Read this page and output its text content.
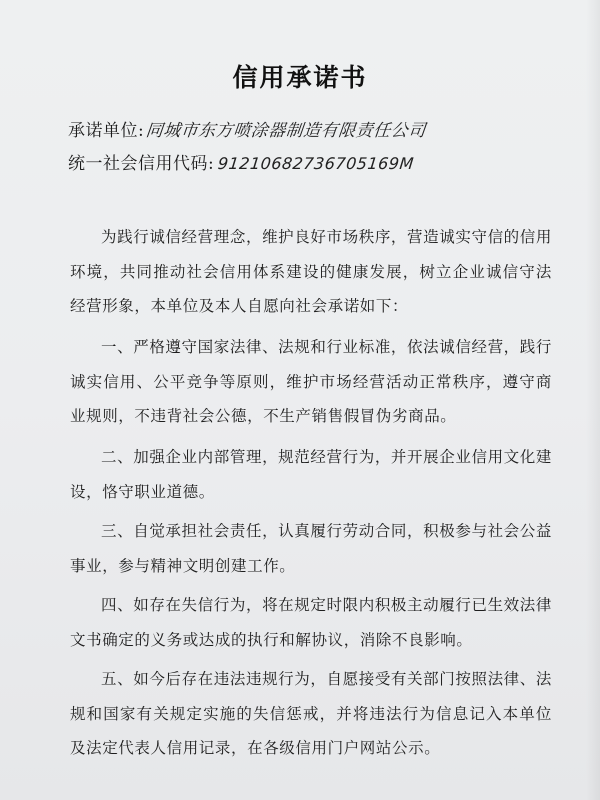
信用承诺书
承诺单位:同城市东方喷涂器制造有限责任公司
统一社会信用代码: 91210682736705169M

为践行诚信经营理念，维护良好市场秩序，营造诚实守信的信用环境，共同推动社会信用体系建设的健康发展，树立企业诚信守法经营形象，本单位及本人自愿向社会承诺如下：

一、严格遵守国家法律、法规和行业标准，依法诚信经营，践行诚实信用、公平竞争等原则，维护市场经营活动正常秩序，遵守商业规则，不违背社会公德，不生产销售假冒伪劣商品。

二、加强企业内部管理，规范经营行为，并开展企业信用文化建设，恪守职业道德。

三、自觉承担社会责任，认真履行劳动合同，积极参与社会公益事业，参与精神文明创建工作。

四、如存在失信行为，将在规定时限内积极主动履行已生效法律文书确定的义务或达成的执行和解协议，消除不良影响。

五、如今后存在违法违规行为，自愿接受有关部门按照法律、法规和国家有关规定实施的失信惩戒，并将违法行为信息记入本单位及法定代表人信用记录，在各级信用门户网站公示。
